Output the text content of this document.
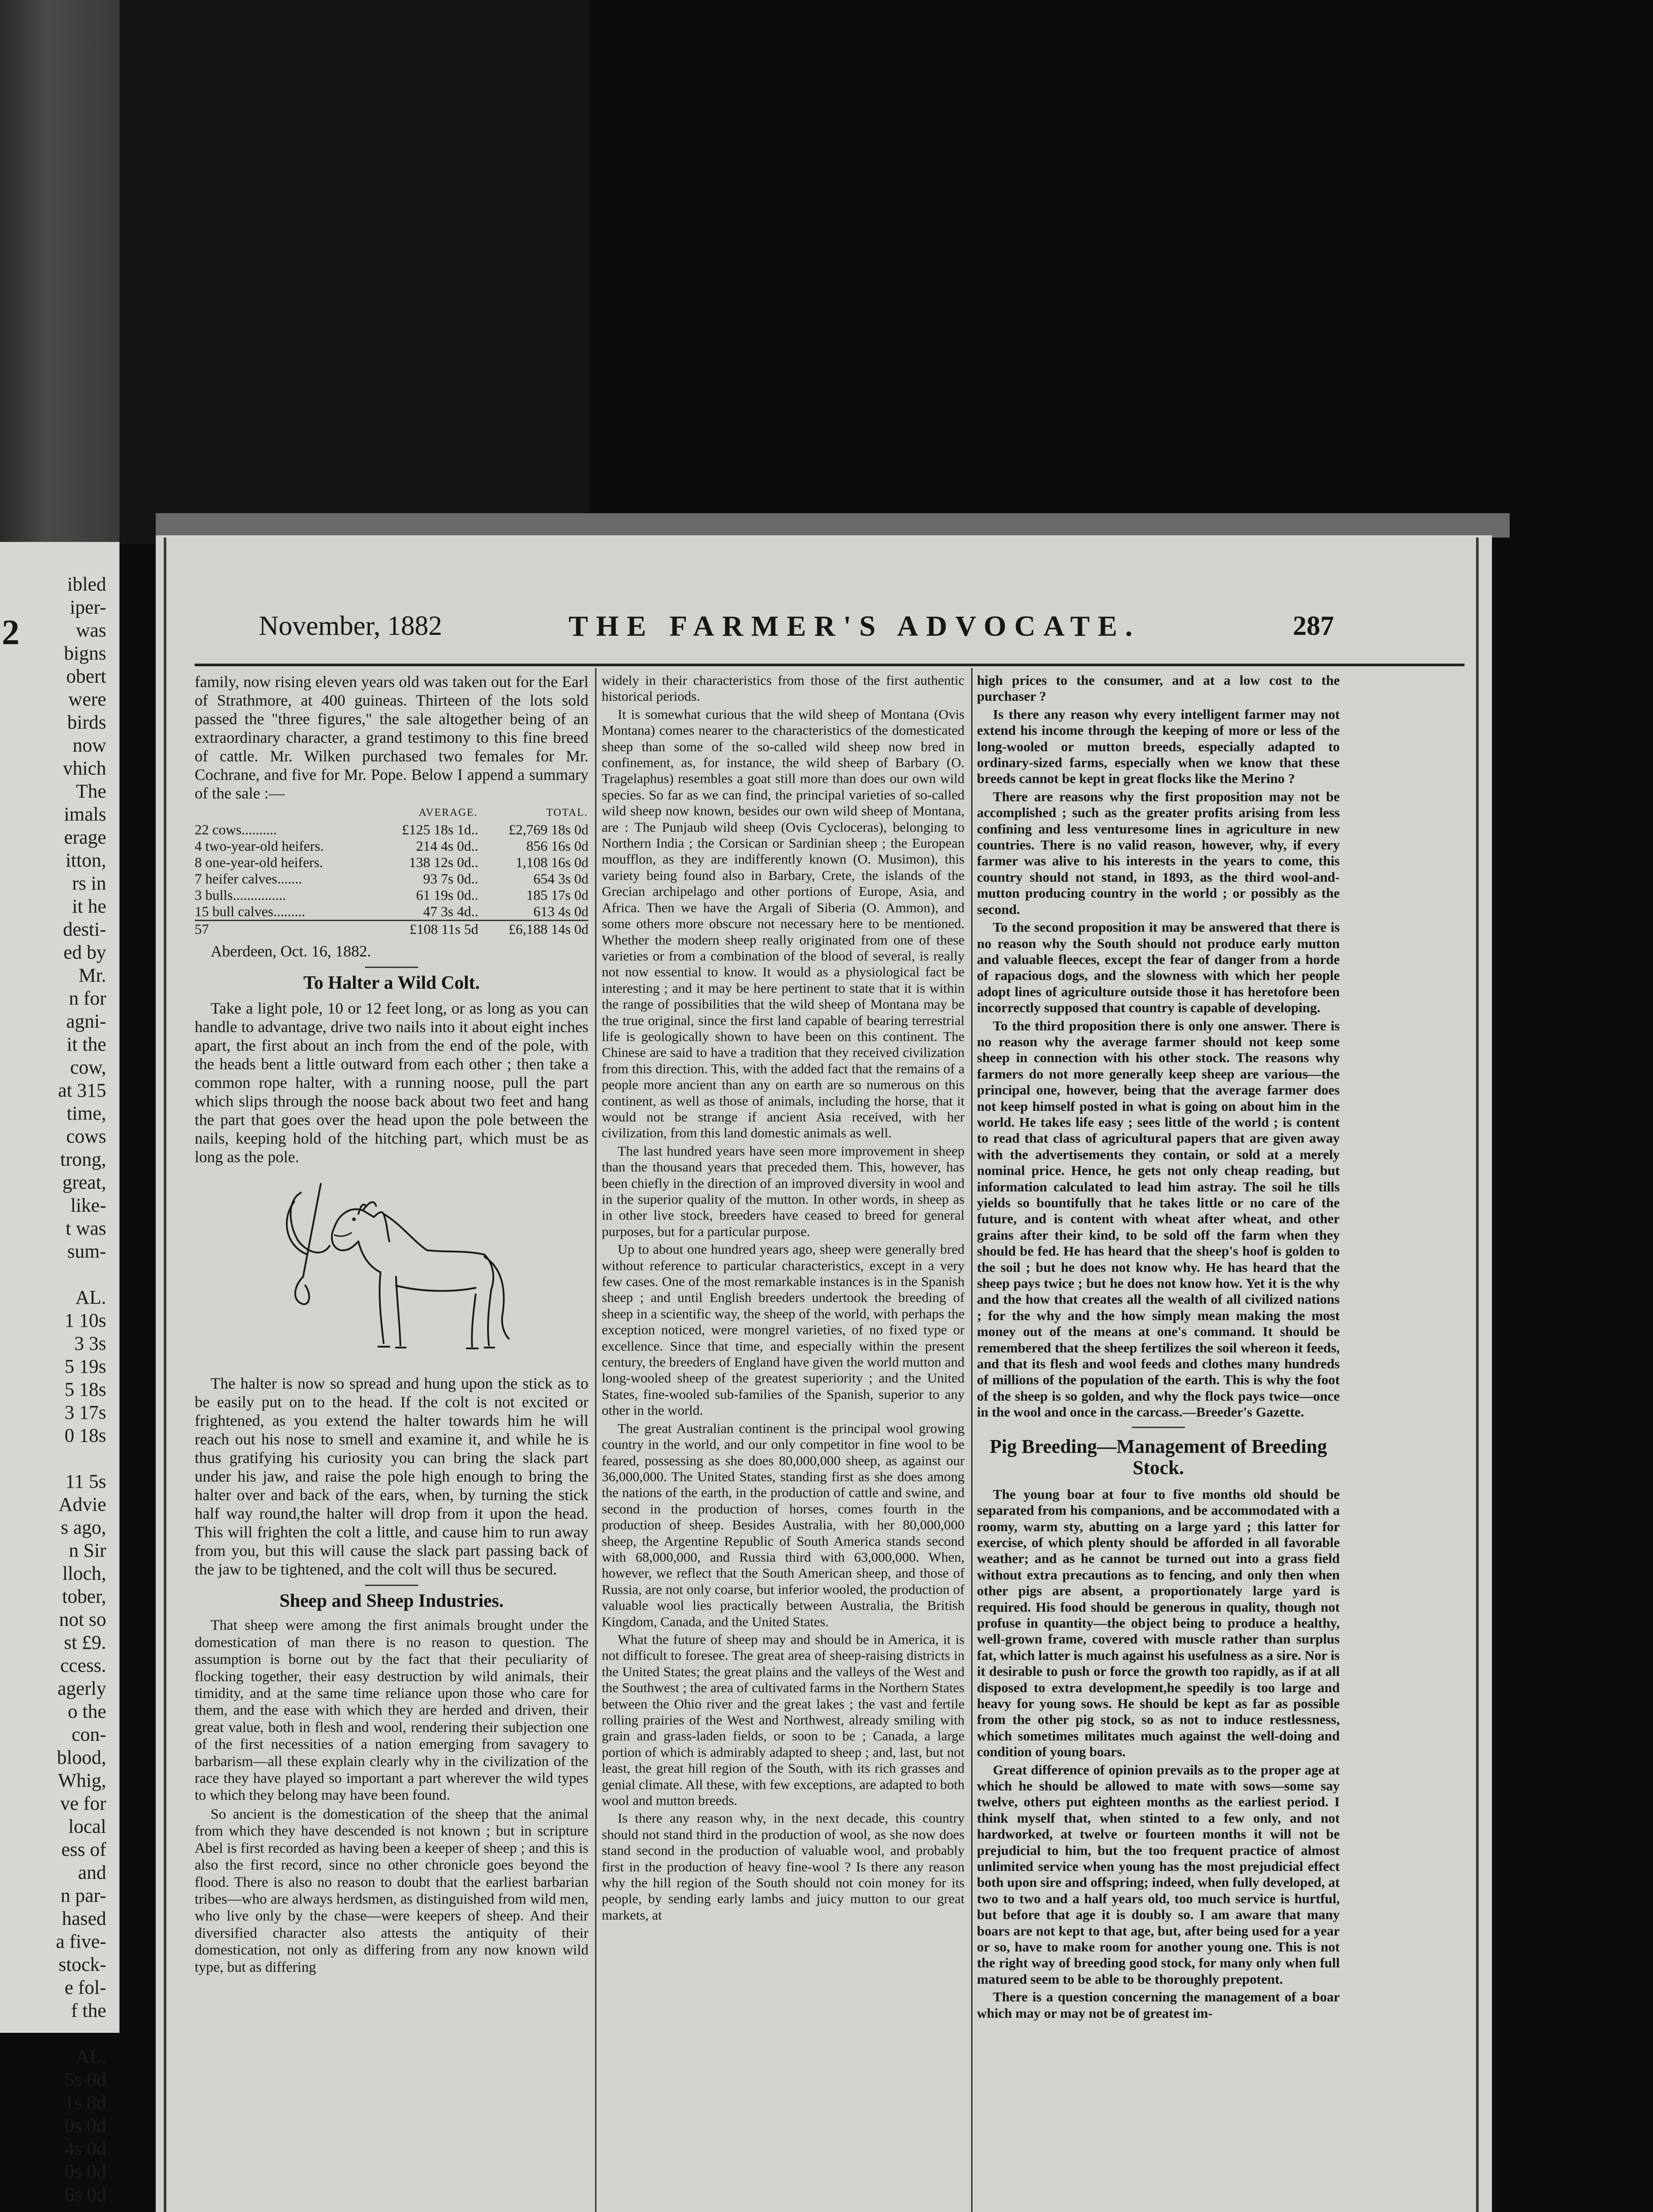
2
ibled
iper-
was
bigns
obert
were
birds
now
vhich
The
imals
erage
itton,
rs in
it he
desti-
ed by
Mr.
n for
agni-
it the
cow,
at 315
time,
cows
trong,
great,
like-
t was
sum-
AL.
1 10s
3 3s
5 19s
5 18s
3 17s
0 18s
11 5s
Advie
s ago,
n Sir
lloch,
tober,
not so
st £9.
ccess.
agerly
o the
con-
blood,
Whig,
ve for
local
ess of
and
n par-
hased
a five-
stock-
e fol-
f the
AL.
5s 0d
1s 8d
0s 0d
4s 0d
0s 0d
6s 0d
November, 1882	THE FARMER'S ADVOCATE.	287

family, now rising eleven years old was taken out for the Earl of Strathmore, at 400 guineas. Thirteen of the lots sold passed the "three figures," the sale altogether being of an extraordinary character, a grand testimony to this fine breed of cattle. Mr. Wilken purchased two females for Mr. Cochrane, and five for Mr. Pope. Below I append a summary of the sale :—

	AVERAGE.	TOTAL.
22 cows..........	£125 18s 1d..	£2,769 18s 0d
4 two-year-old heifers.	214 4s 0d..	856 16s 0d
8 one-year-old heifers.	138 12s 0d..	1,108 16s 0d
7 heifer calves.......	93 7s 0d..	654 3s 0d
3 bulls...............	61 19s 0d..	185 17s 0d
15 bull calves.........	47 3s 4d..	613 4s 0d
57	£108 11s 5d	£6,188 14s 0d

Aberdeen, Oct. 16, 1882.

To Halter a Wild Colt.

Take a light pole, 10 or 12 feet long, or as long as you can handle to advantage, drive two nails into it about eight inches apart, the first about an inch from the end of the pole, with the heads bent a little outward from each other ; then take a common rope halter, with a running noose, pull the part which slips through the noose back about two feet and hang the part that goes over the head upon the pole between the nails, keeping hold of the hitching part, which must be as long as the pole.

The halter is now so spread and hung upon the stick as to be easily put on to the head. If the colt is not excited or frightened, as you extend the halter towards him he will reach out his nose to smell and examine it, and while he is thus gratifying his curiosity you can bring the slack part under his jaw, and raise the pole high enough to bring the halter over and back of the ears, when, by turning the stick half way round,the halter will drop from it upon the head. This will frighten the colt a little, and cause him to run away from you, but this will cause the slack part passing back of the jaw to be tightened, and the colt will thus be secured.

Sheep and Sheep Industries.

That sheep were among the first animals brought under the domestication of man there is no reason to question. The assumption is borne out by the fact that their peculiarity of flocking together, their easy destruction by wild animals, their timidity, and at the same time reliance upon those who care for them, and the ease with which they are herded and driven, their great value, both in flesh and wool, rendering their subjection one of the first necessities of a nation emerging from savagery to barbarism—all these explain clearly why in the civilization of the race they have played so important a part wherever the wild types to which they belong may have been found.

So ancient is the domestication of the sheep that the animal from which they have descended is not known ; but in scripture Abel is first recorded as having been a keeper of sheep ; and this is also the first record, since no other chronicle goes beyond the flood. There is also no reason to doubt that the earliest barbarian tribes—who are always herdsmen, as distinguished from wild men, who live only by the chase—were keepers of sheep. And their diversified character also attests the antiquity of their domestication, not only as differing from any now known wild type, but as differing

widely in their characteristics from those of the first authentic historical periods.

It is somewhat curious that the wild sheep of Montana (Ovis Montana) comes nearer to the characteristics of the domesticated sheep than some of the so-called wild sheep now bred in confinement, as, for instance, the wild sheep of Barbary (O. Tragelaphus) resembles a goat still more than does our own wild species. So far as we can find, the principal varieties of so-called wild sheep now known, besides our own wild sheep of Montana, are : The Punjaub wild sheep (Ovis Cycloceras), belonging to Northern India ; the Corsican or Sardinian sheep ; the European moufflon, as they are indifferently known (O. Musimon), this variety being found also in Barbary, Crete, the islands of the Grecian archipelago and other portions of Europe, Asia, and Africa. Then we have the Argali of Siberia (O. Ammon), and some others more obscure not necessary here to be mentioned. Whether the modern sheep really originated from one of these varieties or from a combination of the blood of several, is really not now essential to know. It would as a physiological fact be interesting ; and it may be here pertinent to state that it is within the range of possibilities that the wild sheep of Montana may be the true original, since the first land capable of bearing terrestrial life is geologically shown to have been on this continent. The Chinese are said to have a tradition that they received civilization from this direction. This, with the added fact that the remains of a people more ancient than any on earth are so numerous on this continent, as well as those of animals, including the horse, that it would not be strange if ancient Asia received, with her civilization, from this land domestic animals as well.

The last hundred years have seen more improvement in sheep than the thousand years that preceded them. This, however, has been chiefly in the direction of an improved diversity in wool and in the superior quality of the mutton. In other words, in sheep as in other live stock, breeders have ceased to breed for general purposes, but for a particular purpose.

Up to about one hundred years ago, sheep were generally bred without reference to particular characteristics, except in a very few cases. One of the most remarkable instances is in the Spanish sheep ; and until English breeders undertook the breeding of sheep in a scientific way, the sheep of the world, with perhaps the exception noticed, were mongrel varieties, of no fixed type or excellence. Since that time, and especially within the present century, the breeders of England have given the world mutton and long-wooled sheep of the greatest superiority ; and the United States, fine-wooled sub-families of the Spanish, superior to any other in the world.

The great Australian continent is the principal wool growing country in the world, and our only competitor in fine wool to be feared, possessing as she does 80,000,000 sheep, as against our 36,000,000. The United States, standing first as she does among the nations of the earth, in the production of cattle and swine, and second in the production of horses, comes fourth in the production of sheep. Besides Australia, with her 80,000,000 sheep, the Argentine Republic of South America stands second with 68,000,000, and Russia third with 63,000,000. When, however, we reflect that the South American sheep, and those of Russia, are not only coarse, but inferior wooled, the production of valuable wool lies practically between Australia, the British Kingdom, Canada, and the United States.

What the future of sheep may and should be in America, it is not difficult to foresee. The great area of sheep-raising districts in the United States; the great plains and the valleys of the West and the Southwest ; the area of cultivated farms in the Northern States between the Ohio river and the great lakes ; the vast and fertile rolling prairies of the West and Northwest, already smiling with grain and grass-laden fields, or soon to be ; Canada, a large portion of which is admirably adapted to sheep ; and, last, but not least, the great hill region of the South, with its rich grasses and genial climate. All these, with few exceptions, are adapted to both wool and mutton breeds.

Is there any reason why, in the next decade, this country should not stand third in the production of wool, as she now does stand second in the production of valuable wool, and probably first in the production of heavy fine-wool ? Is there any reason why the hill region of the South should not coin money for its people, by sending early lambs and juicy mutton to our great markets, at

high prices to the consumer, and at a low cost to the purchaser ?

Is there any reason why every intelligent farmer may not extend his income through the keeping of more or less of the long-wooled or mutton breeds, especially adapted to ordinary-sized farms, especially when we know that these breeds cannot be kept in great flocks like the Merino ?

There are reasons why the first proposition may not be accomplished ; such as the greater profits arising from less confining and less venturesome lines in agriculture in new countries. There is no valid reason, however, why, if every farmer was alive to his interests in the years to come, this country should not stand, in 1893, as the third wool-and-mutton producing country in the world ; or possibly as the second.

To the second proposition it may be answered that there is no reason why the South should not produce early mutton and valuable fleeces, except the fear of danger from a horde of rapacious dogs, and the slowness with which her people adopt lines of agriculture outside those it has heretofore been incorrectly supposed that country is capable of developing.

To the third proposition there is only one answer. There is no reason why the average farmer should not keep some sheep in connection with his other stock. The reasons why farmers do not more generally keep sheep are various—the principal one, however, being that the average farmer does not keep himself posted in what is going on about him in the world. He takes life easy ; sees little of the world ; is content to read that class of agricultural papers that are given away with the advertisements they contain, or sold at a merely nominal price. Hence, he gets not only cheap reading, but information calculated to lead him astray. The soil he tills yields so bountifully that he takes little or no care of the future, and is content with wheat after wheat, and other grains after their kind, to be sold off the farm when they should be fed. He has heard that the sheep's hoof is golden to the soil ; but he does not know why. He has heard that the sheep pays twice ; but he does not know how. Yet it is the why and the how that creates all the wealth of all civilized nations ; for the why and the how simply mean making the most money out of the means at one's command. It should be remembered that the sheep fertilizes the soil whereon it feeds, and that its flesh and wool feeds and clothes many hundreds of millions of the population of the earth. This is why the foot of the sheep is so golden, and why the flock pays twice—once in the wool and once in the carcass.—Breeder's Gazette.

Pig Breeding—Management of Breeding Stock.

The young boar at four to five months old should be separated from his companions, and be accommodated with a roomy, warm sty, abutting on a large yard ; this latter for exercise, of which plenty should be afforded in all favorable weather; and as he cannot be turned out into a grass field without extra precautions as to fencing, and only then when other pigs are absent, a proportionately large yard is required. His food should be generous in quality, though not profuse in quantity—the object being to produce a healthy, well-grown frame, covered with muscle rather than surplus fat, which latter is much against his usefulness as a sire. Nor is it desirable to push or force the growth too rapidly, as if at all disposed to extra development,he speedily is too large and heavy for young sows. He should be kept as far as possible from the other pig stock, so as not to induce restlessness, which sometimes militates much against the well-doing and condition of young boars.

Great difference of opinion prevails as to the proper age at which he should be allowed to mate with sows—some say twelve, others put eighteen months as the earliest period. I think myself that, when stinted to a few only, and not hardworked, at twelve or fourteen months it will not be prejudicial to him, but the too frequent practice of almost unlimited service when young has the most prejudicial effect both upon sire and offspring; indeed, when fully developed, at two to two and a half years old, too much service is hurtful, but before that age it is doubly so. I am aware that many boars are not kept to that age, but, after being used for a year or so, have to make room for another young one. This is not the right way of breeding good stock, for many only when full matured seem to be able to be thoroughly prepotent.

There is a question concerning the management of a boar which may or may not be of greatest im-
